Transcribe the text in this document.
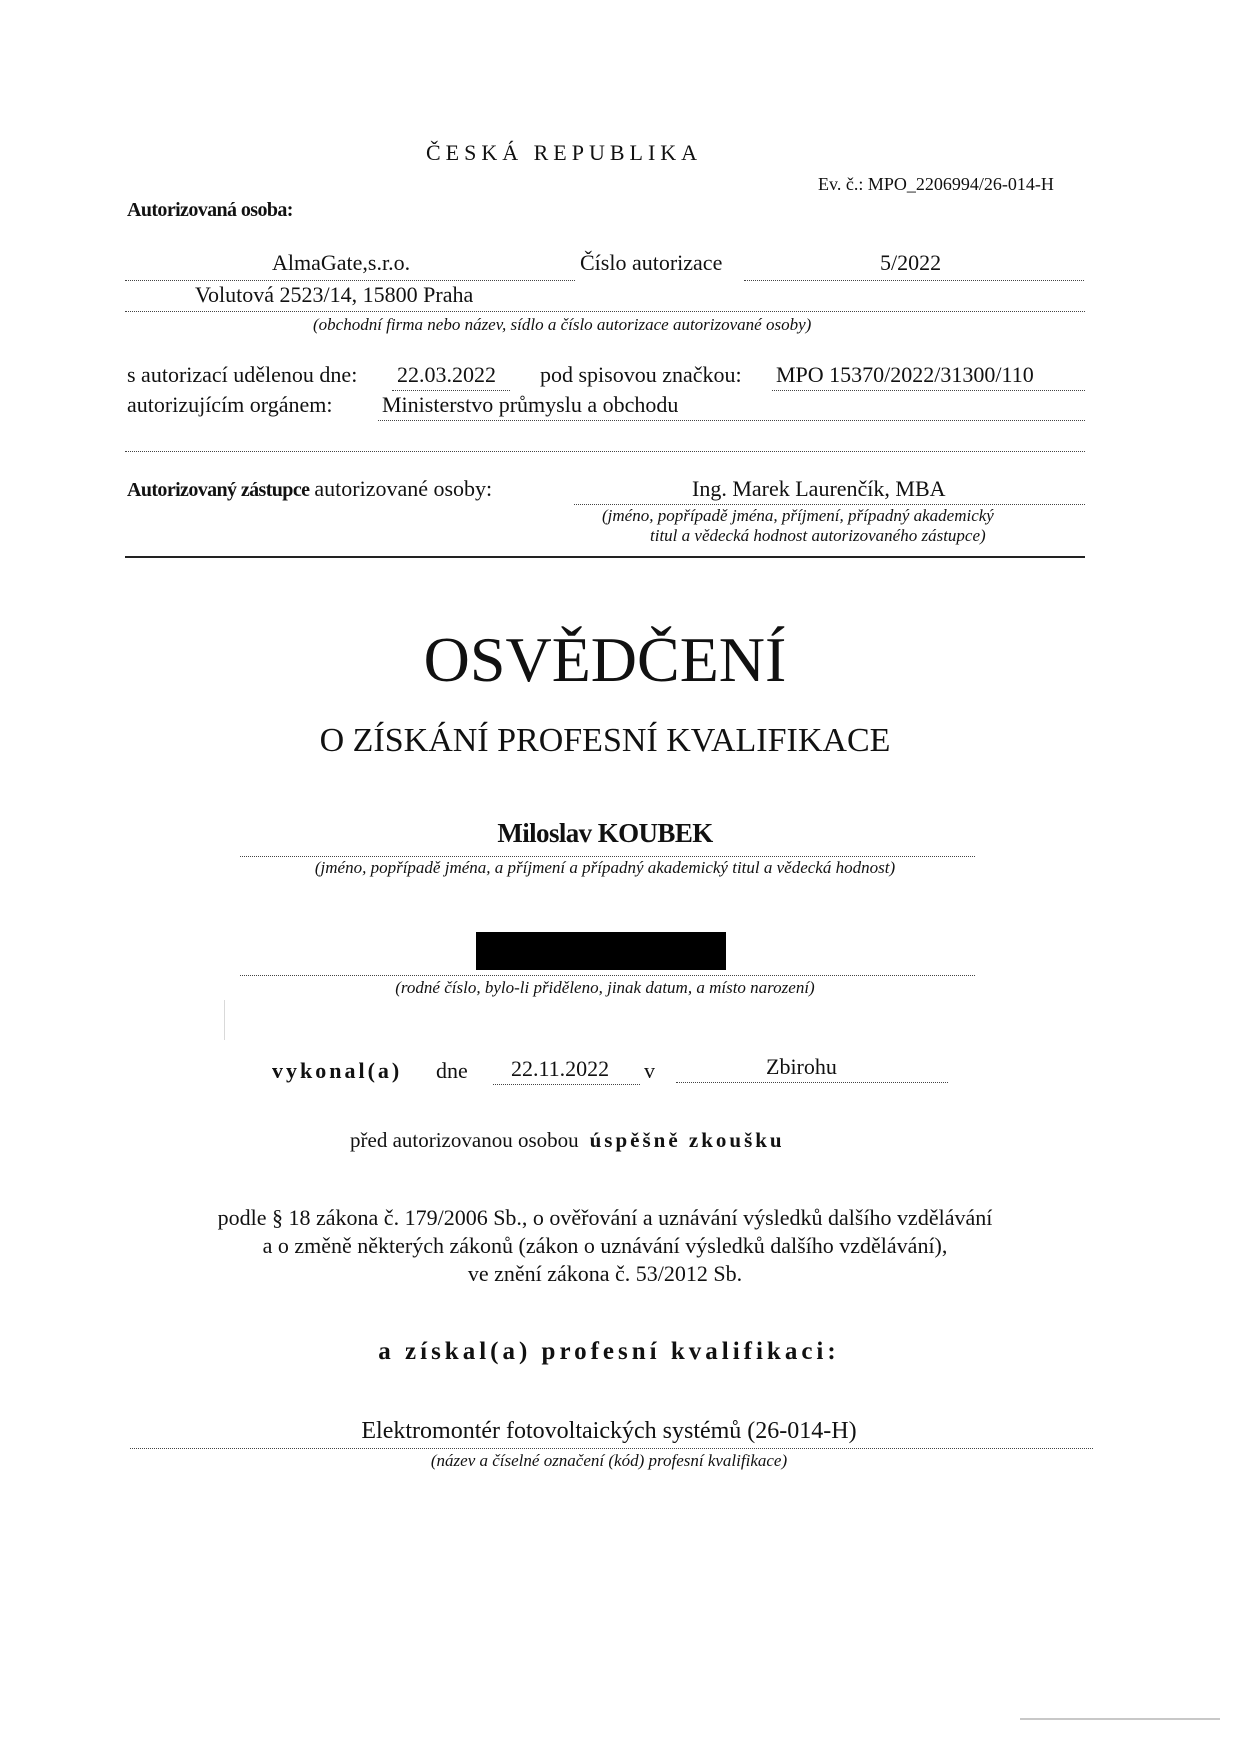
ČESKÁ REPUBLIKA
Ev. č.: MPO_2206994/26-014-H
Autorizovaná osoba:
AlmaGate,s.r.o.	Číslo autorizace	5/2022
Volutová 2523/14, 15800 Praha
(obchodní firma nebo název, sídlo a číslo autorizace autorizované osoby)
s autorizací udělenou dne: 22.03.2022 pod spisovou značkou: MPO 15370/2022/31300/110
autorizujícím orgánem: Ministerstvo průmyslu a obchodu
Autorizovaný zástupce autorizované osoby:	Ing. Marek Laurenčík, MBA
(jméno, popřípadě jména, příjmení, případný akademický
titul a vědecká hodnost autorizovaného zástupce)
OSVĚDČENÍ
O ZÍSKÁNÍ PROFESNÍ KVALIFIKACE
Miloslav KOUBEK
(jméno, popřípadě jména, a příjmení a případný akademický titul a vědecká hodnost)
(rodné číslo, bylo-li přiděleno, jinak datum, a místo narození)
vykonal(a) dne 22.11.2022 v	Zbirohu
před autorizovanou osobou úspěšně zkoušku
podle § 18 zákona č. 179/2006 Sb., o ověřování a uznávání výsledků dalšího vzdělávání
a o změně některých zákonů (zákon o uznávání výsledků dalšího vzdělávání),
ve znění zákona č. 53/2012 Sb.
a získal(a) profesní kvalifikaci:
Elektromontér fotovoltaických systémů (26-014-H)
(název a číselné označení (kód) profesní kvalifikace)
